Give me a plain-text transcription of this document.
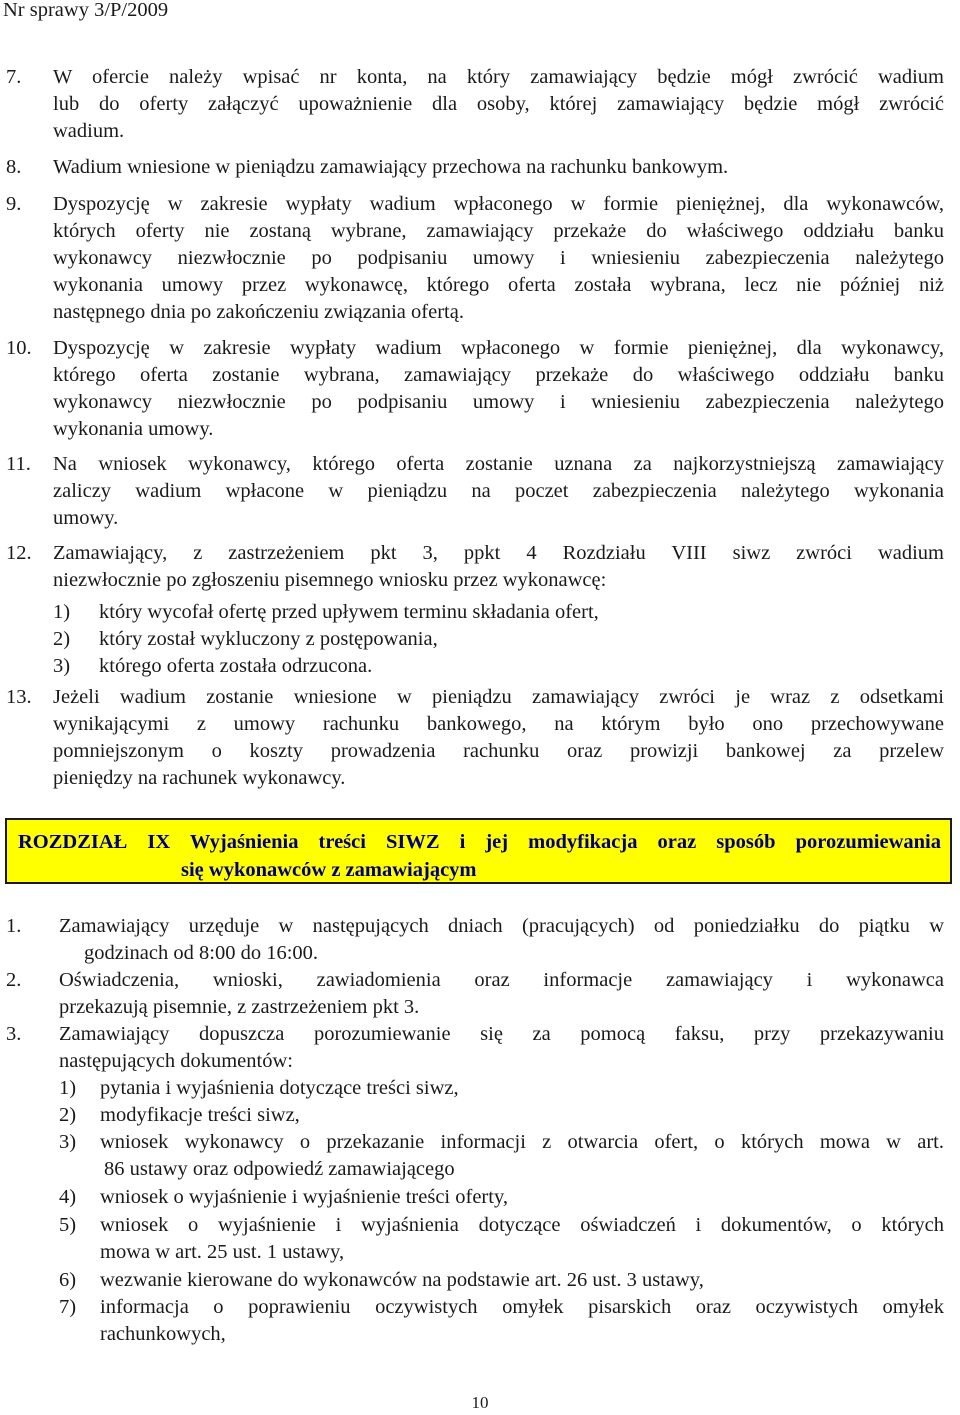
Nr sprawy 3/P/2009
7. W ofercie należy wpisać nr konta, na który zamawiający będzie mógł zwrócić wadium
lub do oferty załączyć upoważnienie dla osoby, której zamawiający będzie mógł zwrócić
wadium.
8. Wadium wniesione w pieniądzu zamawiający przechowa na rachunku bankowym.
9. Dyspozycję w zakresie wypłaty wadium wpłaconego w formie pieniężnej, dla wykonawców,
których oferty nie zostaną wybrane, zamawiający przekaże do właściwego oddziału banku
wykonawcy niezwłocznie po podpisaniu umowy i wniesieniu zabezpieczenia należytego
wykonania umowy przez wykonawcę, którego oferta została wybrana, lecz nie później niż
następnego dnia po zakończeniu związania ofertą.
10. Dyspozycję w zakresie wypłaty wadium wpłaconego w formie pieniężnej, dla wykonawcy,
którego oferta zostanie wybrana, zamawiający przekaże do właściwego oddziału banku
wykonawcy niezwłocznie po podpisaniu umowy i wniesieniu zabezpieczenia należytego
wykonania umowy.
11. Na wniosek wykonawcy, którego oferta zostanie uznana za najkorzystniejszą zamawiający
zaliczy wadium wpłacone w pieniądzu na poczet zabezpieczenia należytego wykonania
umowy.
12. Zamawiający, z zastrzeżeniem pkt 3, ppkt 4 Rozdziału VIII siwz zwróci wadium
niezwłocznie po zgłoszeniu pisemnego wniosku przez wykonawcę:
1) który wycofał ofertę przed upływem terminu składania ofert,
2) który został wykluczony z postępowania,
3) którego oferta została odrzucona.
13. Jeżeli wadium zostanie wniesione w pieniądzu zamawiający zwróci je wraz z odsetkami
wynikającymi z umowy rachunku bankowego, na którym było ono przechowywane
pomniejszonym o koszty prowadzenia rachunku oraz prowizji bankowej za przelew
pieniędzy na rachunek wykonawcy.
ROZDZIAŁ IX Wyjaśnienia treści SIWZ i jej modyfikacja oraz sposób porozumiewania
się wykonawców z zamawiającym
1. Zamawiający urzęduje w następujących dniach (pracujących) od poniedziałku do piątku w
godzinach od 8:00 do 16:00.
2. Oświadczenia, wnioski, zawiadomienia oraz informacje zamawiający i wykonawca
przekazują pisemnie, z zastrzeżeniem pkt 3.
3. Zamawiający dopuszcza porozumiewanie się za pomocą faksu, przy przekazywaniu
następujących dokumentów:
1) pytania i wyjaśnienia dotyczące treści siwz,
2) modyfikacje treści siwz,
3) wniosek wykonawcy o przekazanie informacji z otwarcia ofert, o których mowa w art.
86 ustawy oraz odpowiedź zamawiającego
4) wniosek o wyjaśnienie i wyjaśnienie treści oferty,
5) wniosek o wyjaśnienie i wyjaśnienia dotyczące oświadczeń i dokumentów, o których
mowa w art. 25 ust. 1 ustawy,
6) wezwanie kierowane do wykonawców na podstawie art. 26 ust. 3 ustawy,
7) informacja o poprawieniu oczywistych omyłek pisarskich oraz oczywistych omyłek
rachunkowych,
10
